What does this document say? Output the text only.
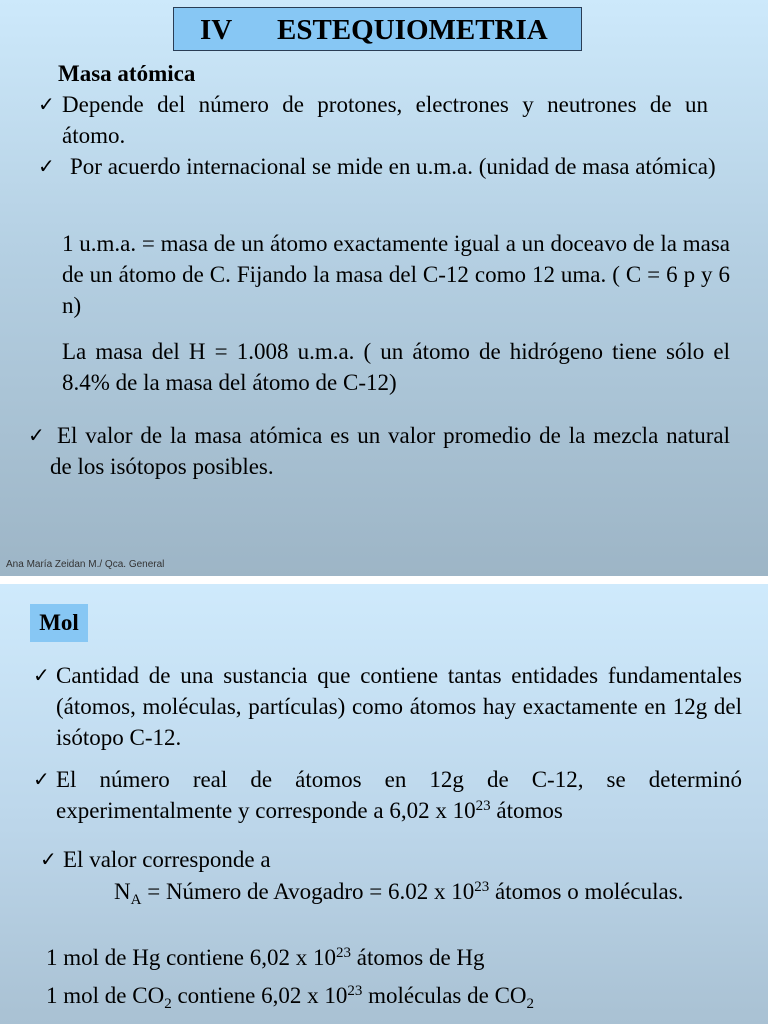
IV ESTEQUIOMETRIA
Masa atómica
✓ Depende del número de protones, electrones y neutrones de un átomo.
✓ Por acuerdo internacional se mide en u.m.a. (unidad de masa atómica)
1 u.m.a. = masa de un átomo exactamente igual a un doceavo de la masa de un átomo de C. Fijando la masa del C-12 como 12 uma. ( C = 6 p y 6 n)
La masa del H = 1.008 u.m.a. ( un átomo de hidrógeno tiene sólo el 8.4% de la masa del átomo de C-12)
✓ El valor de la masa atómica es un valor promedio de la mezcla natural de los isótopos posibles.
Ana María Zeidan M./ Qca. General
Mol
✓ Cantidad de una sustancia que contiene tantas entidades fundamentales (átomos, moléculas, partículas) como átomos hay exactamente en 12g del isótopo C-12.
✓ El número real de átomos en 12g de C-12, se determinó
experimentalmente y corresponde a 6,02 x $10^{23}$ átomos
✓ El valor corresponde a
$N_A$ = Número de Avogadro = 6.02 x $10^{23}$ átomos o moléculas.
1 mol de Hg contiene 6,02 x $10^{23}$ átomos de Hg
1 mol de $CO_2$ contiene 6,02 x $10^{23}$ moléculas de $CO_2$
